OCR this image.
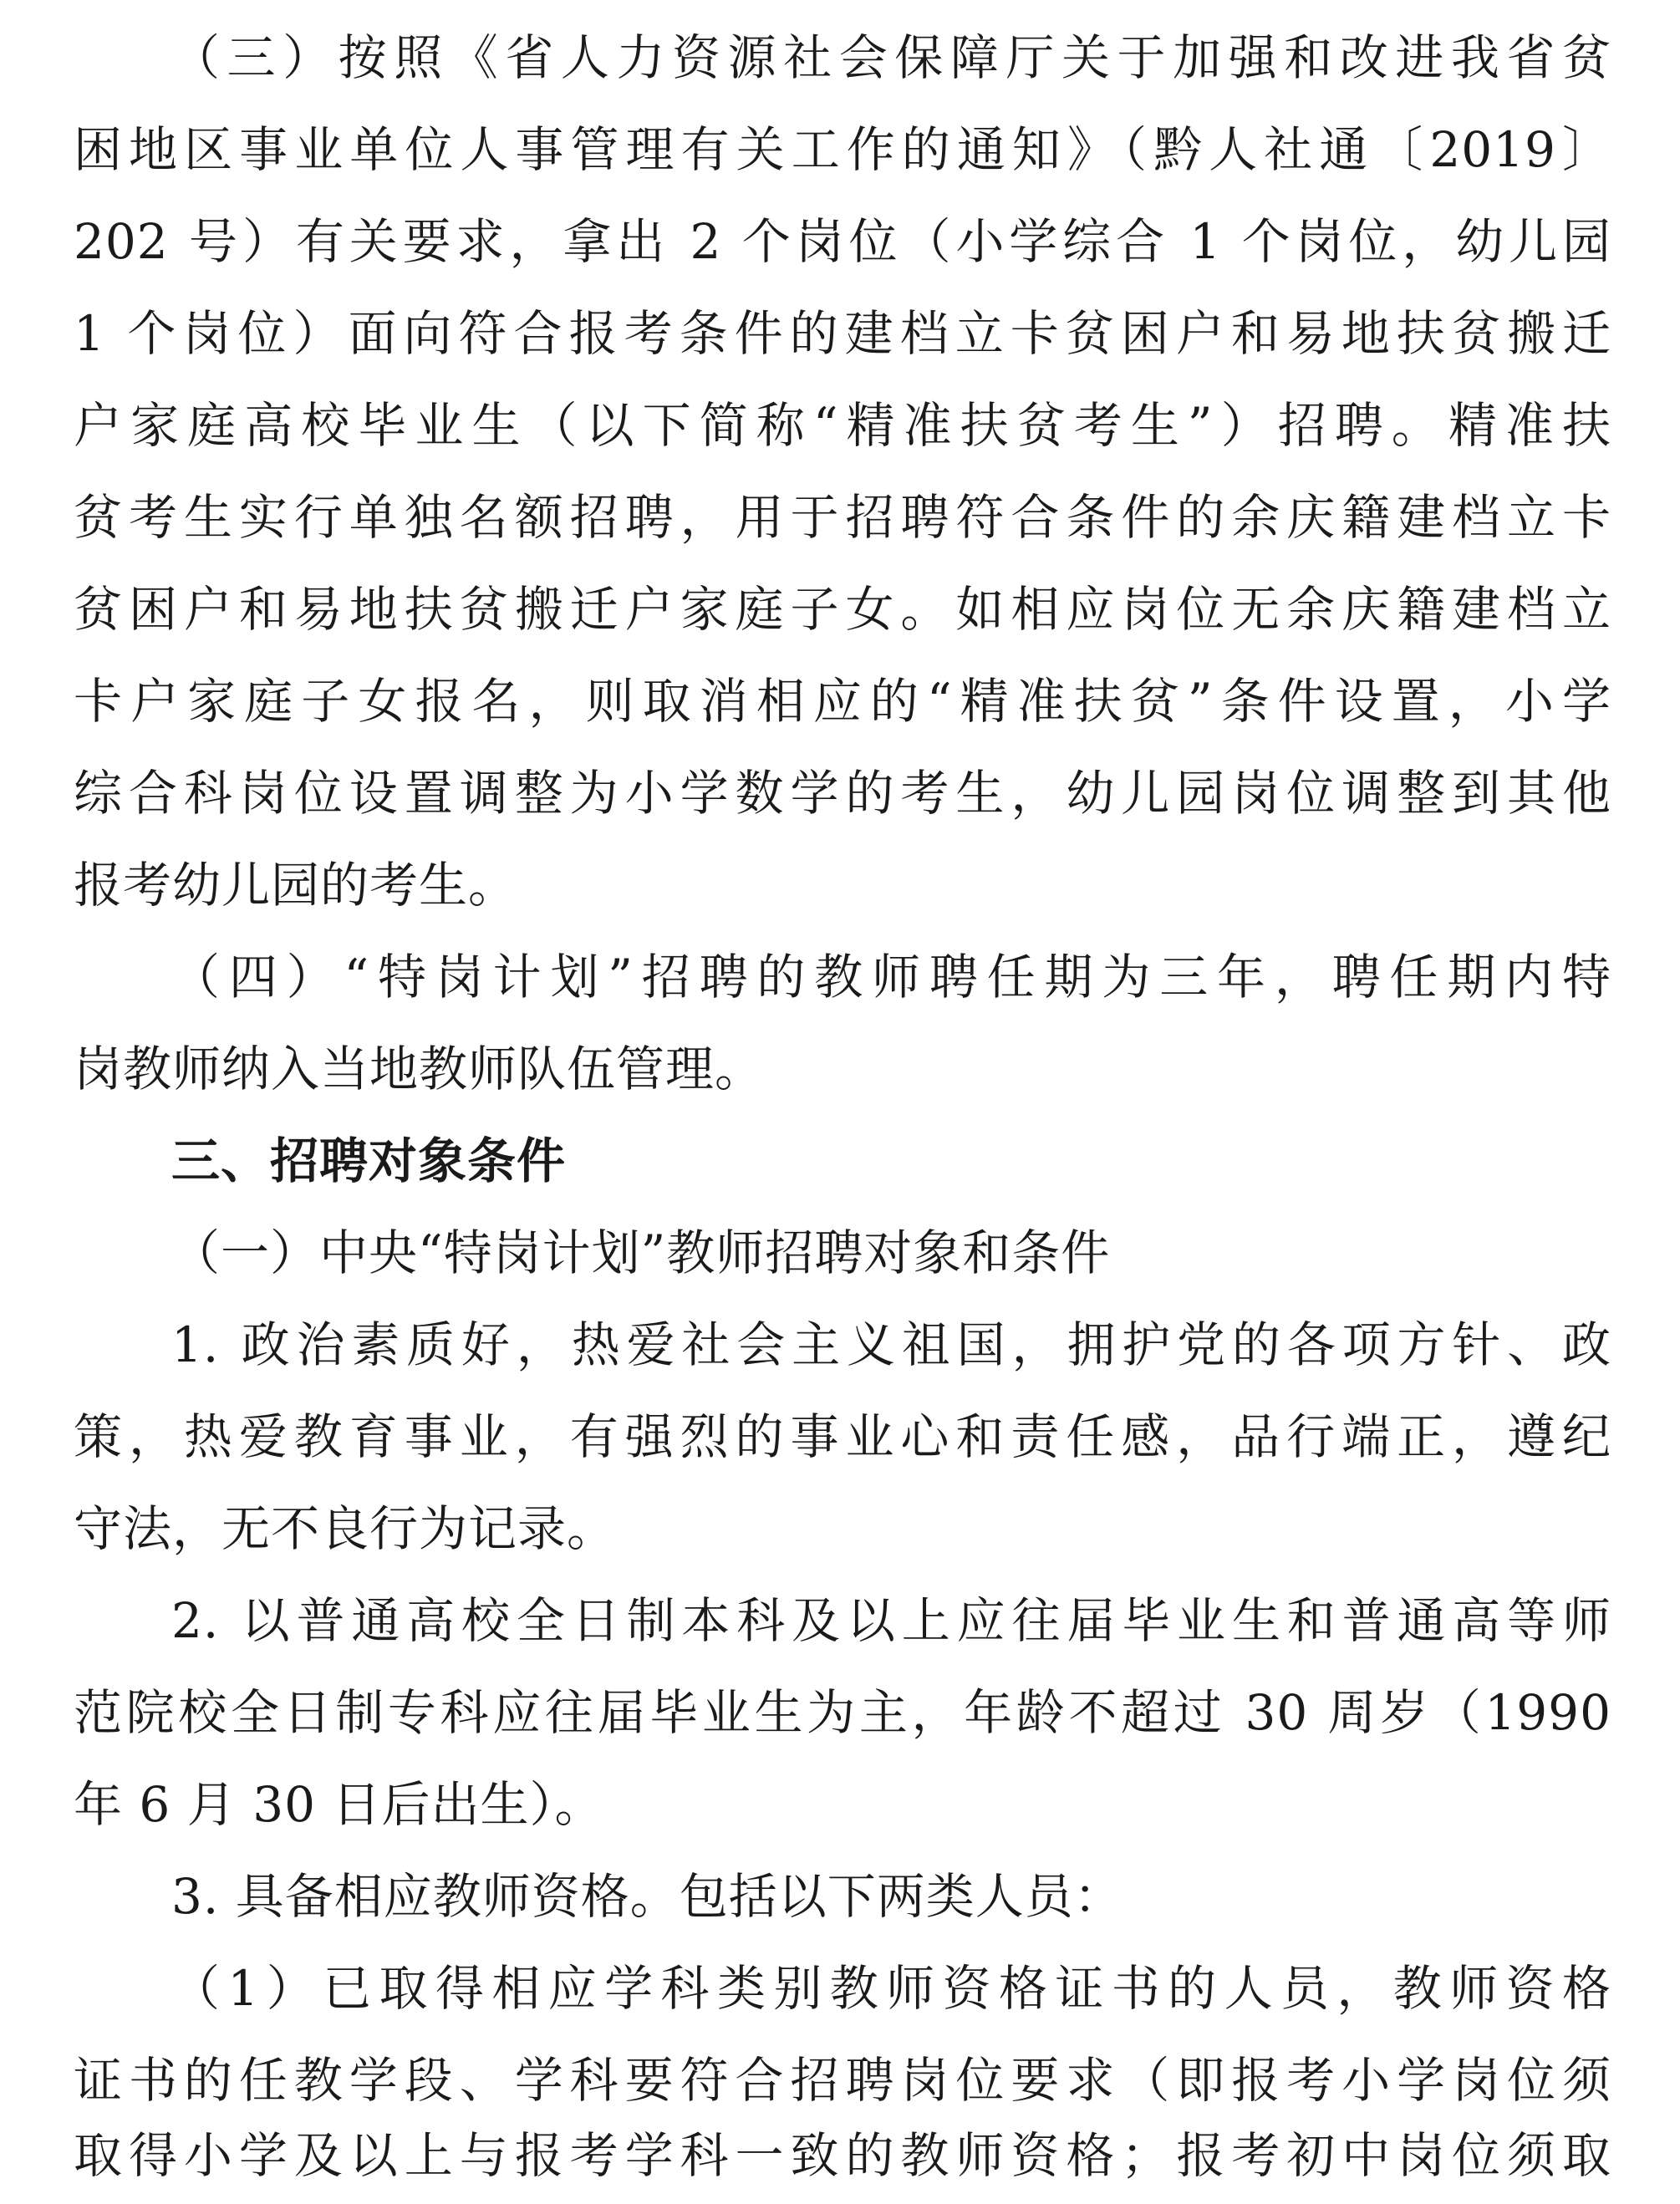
（三）按照《省人力资源社会保障厅关于加强和改进我省贫
困地区事业单位人事管理有关工作的通知》（黔人社通〔2019〕
202 号）有关要求，拿出 2 个岗位（小学综合 1 个岗位，幼儿园
1 个岗位）面向符合报考条件的建档立卡贫困户和易地扶贫搬迁
户家庭高校毕业生（以下简称“精准扶贫考生”）招聘。精准扶
贫考生实行单独名额招聘，用于招聘符合条件的余庆籍建档立卡
贫困户和易地扶贫搬迁户家庭子女。如相应岗位无余庆籍建档立
卡户家庭子女报名，则取消相应的“精准扶贫”条件设置，小学
综合科岗位设置调整为小学数学的考生，幼儿园岗位调整到其他
报考幼儿园的考生。
（四）“特岗计划”招聘的教师聘任期为三年，聘任期内特
岗教师纳入当地教师队伍管理。
三、招聘对象条件
（一）中央“特岗计划”教师招聘对象和条件
1. 政治素质好，热爱社会主义祖国，拥护党的各项方针、政
策，热爱教育事业，有强烈的事业心和责任感，品行端正，遵纪
守法，无不良行为记录。
2. 以普通高校全日制本科及以上应往届毕业生和普通高等师
范院校全日制专科应往届毕业生为主，年龄不超过 30 周岁（1990
年 6 月 30 日后出生）。
3. 具备相应教师资格。包括以下两类人员：
（1）已取得相应学科类别教师资格证书的人员，教师资格
证书的任教学段、学科要符合招聘岗位要求（即报考小学岗位须
取得小学及以上与报考学科一致的教师资格；报考初中岗位须取
